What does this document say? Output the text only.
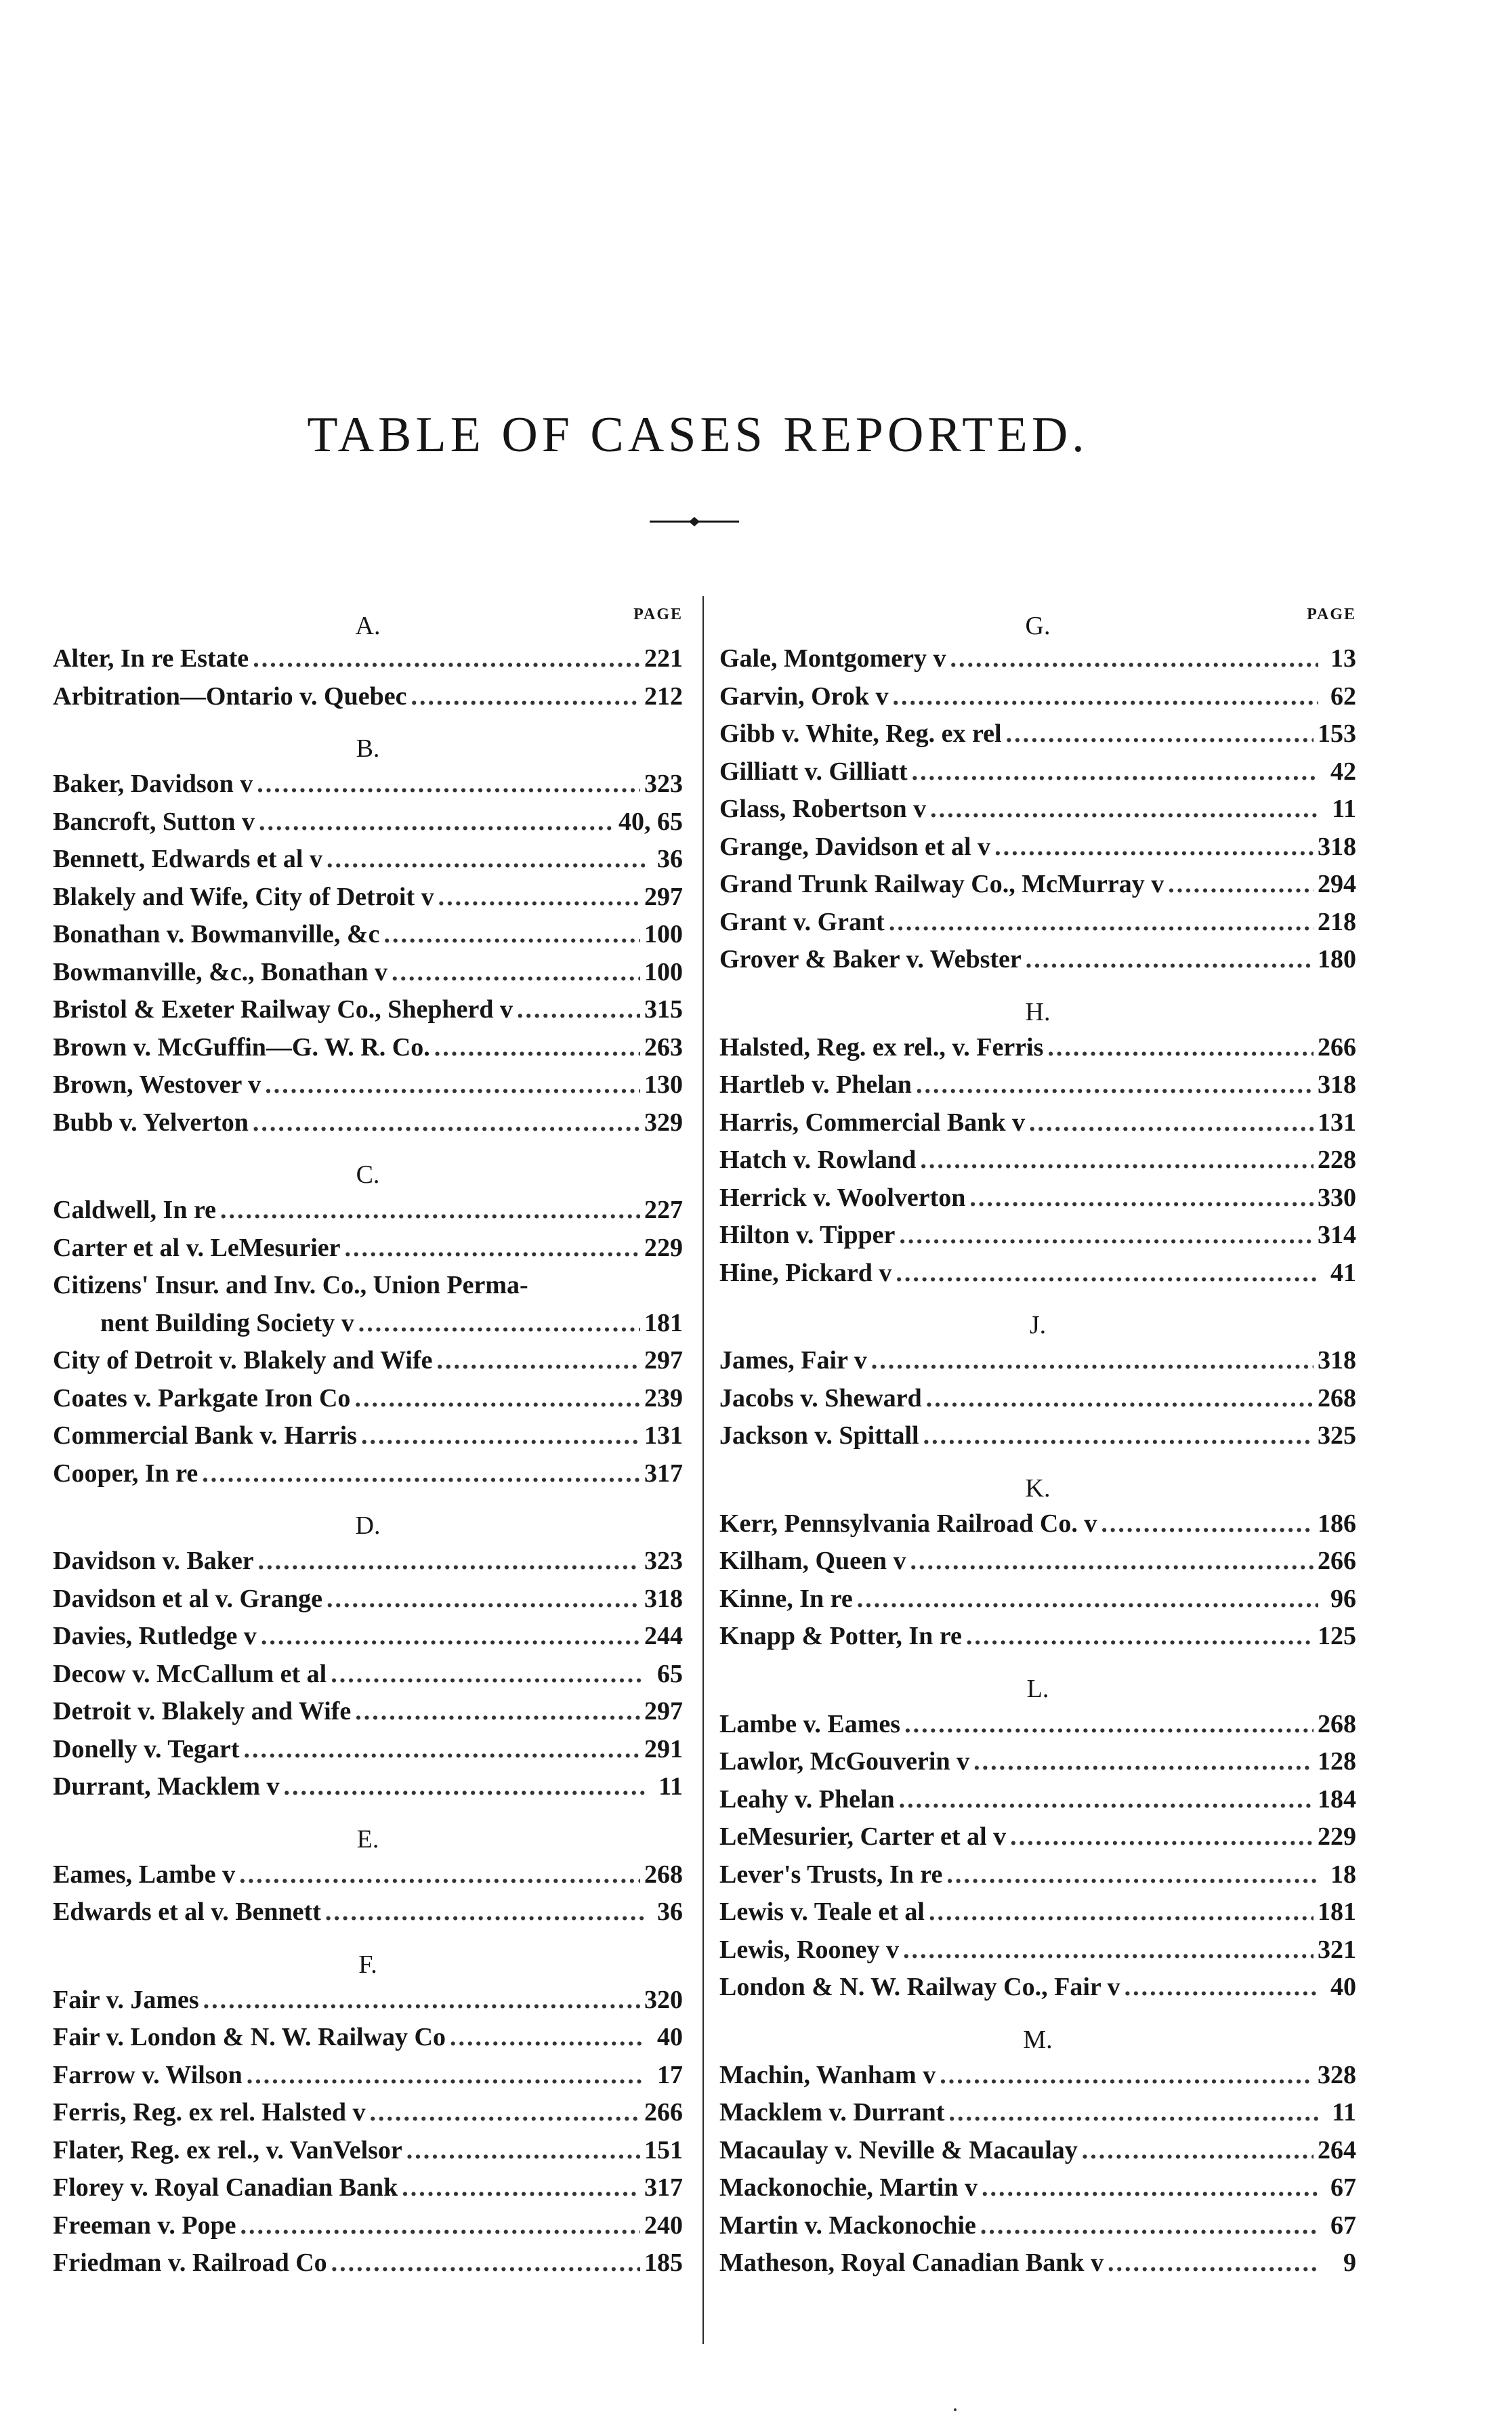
TABLE OF CASES REPORTED.
A.	PAGE
Alter, In re Estate .....	221
Arbitration—Ontario v. Quebec .....	212
B.
Baker, Davidson v .....	323
Bancroft, Sutton v .....	40, 65
Bennett, Edwards et al v .....	36
Blakely and Wife, City of Detroit v .....	297
Bonathan v. Bowmanville, &c .....	100
Bowmanville, &c., Bonathan v .....	100
Bristol & Exeter Railway Co., Shepherd v .....	315
Brown v. McGuffin—G. W. R. Co. .....	263
Brown, Westover v .....	130
Bubb v. Yelverton .....	329
C.
Caldwell, In re .....	227
Carter et al v. LeMesurier .....	229
Citizens' Insur. and Inv. Co., Union Perma-
nent Building Society v .....	181
City of Detroit v. Blakely and Wife .....	297
Coates v. Parkgate Iron Co .....	239
Commercial Bank v. Harris .....	131
Cooper, In re .....	317
D.
Davidson v. Baker .....	323
Davidson et al v. Grange .....	318
Davies, Rutledge v .....	244
Decow v. McCallum et al .....	65
Detroit v. Blakely and Wife .....	297
Donelly v. Tegart .....	291
Durrant, Macklem v .....	11
E.
Eames, Lambe v .....	268
Edwards et al v. Bennett .....	36
F.
Fair v. James .....	320
Fair v. London & N. W. Railway Co .....	40
Farrow v. Wilson .....	17
Ferris, Reg. ex rel. Halsted v .....	266
Flater, Reg. ex rel., v. VanVelsor .....	151
Florey v. Royal Canadian Bank .....	317
Freeman v. Pope .....	240
Friedman v. Railroad Co .....	185
G.	PAGE
Gale, Montgomery v .....	13
Garvin, Orok v .....	62
Gibb v. White, Reg. ex rel .....	153
Gilliatt v. Gilliatt .....	42
Glass, Robertson v .....	11
Grange, Davidson et al v .....	318
Grand Trunk Railway Co., McMurray v .....	294
Grant v. Grant .....	218
Grover & Baker v. Webster .....	180
H.
Halsted, Reg. ex rel., v. Ferris .....	266
Hartleb v. Phelan .....	318
Harris, Commercial Bank v .....	131
Hatch v. Rowland .....	228
Herrick v. Woolverton .....	330
Hilton v. Tipper .....	314
Hine, Pickard v .....	41
J.
James, Fair v .....	318
Jacobs v. Sheward .....	268
Jackson v. Spittall .....	325
K.
Kerr, Pennsylvania Railroad Co. v .....	186
Kilham, Queen v .....	266
Kinne, In re .....	96
Knapp & Potter, In re .....	125
L.
Lambe v. Eames .....	268
Lawlor, McGouverin v .....	128
Leahy v. Phelan .....	184
LeMesurier, Carter et al v .....	229
Lever's Trusts, In re .....	18
Lewis v. Teale et al .....	181
Lewis, Rooney v .....	321
London & N. W. Railway Co., Fair v .....	40
M.
Machin, Wanham v .....	328
Macklem v. Durrant .....	11
Macaulay v. Neville & Macaulay .....	264
Mackonochie, Martin v .....	67
Martin v. Mackonochie .....	67
Matheson, Royal Canadian Bank v .....	9
